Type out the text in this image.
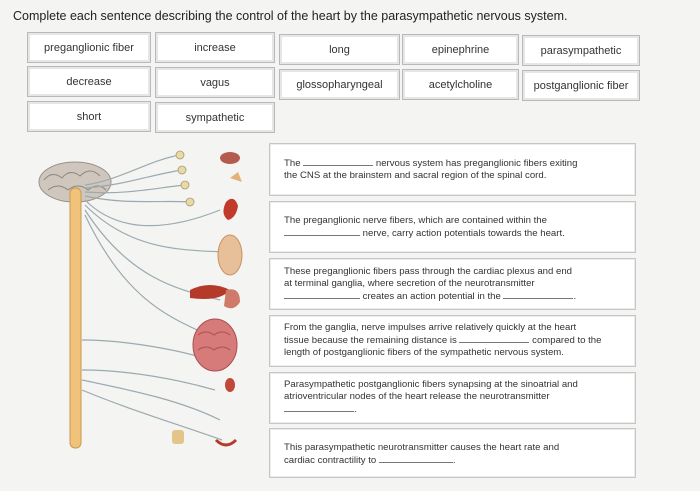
Complete each sentence describing the control of the heart by the parasympathetic nervous system.
preganglionic fiber	increase	long	epinephrine	parasympathetic
decrease	vagus	glossopharyngeal	acetylcholine	postganglionic fiber
short	sympathetic
The	nervous system has preganglionic fibers exiting
the CNS at the brainstem and sacral region of the spinal cord.
The preganglionic nerve fibers, which are contained within the
nerve, carry action potentials towards the heart.
These preganglionic fibers pass through the cardiac plexus and end
at terminal ganglia, where secretion of the neurotransmitter
creates an action potential in the	.
From the ganglia, nerve impulses arrive relatively quickly at the heart
tissue because the remaining distance is	compared to the
length of postganglionic fibers of the sympathetic nervous system.
Parasympathetic postganglionic fibers synapsing at the sinoatrial and
atrioventricular nodes of the heart release the neurotransmitter
.
This parasympathetic neurotransmitter causes the heart rate and
cardiac contractility to	.
